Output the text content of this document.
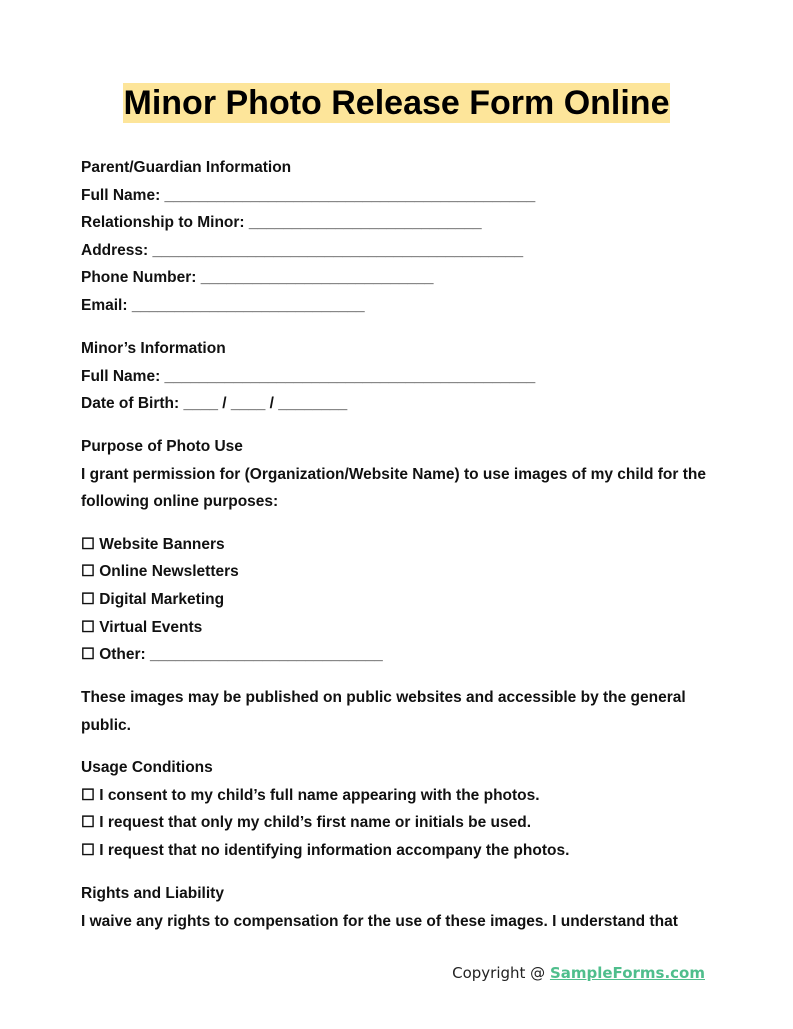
Minor Photo Release Form Online
Parent/Guardian Information
Full Name: ___________________________________________
Relationship to Minor: ___________________________
Address: ___________________________________________
Phone Number: ___________________________
Email: ___________________________
Minor’s Information
Full Name: ___________________________________________
Date of Birth: ____ / ____ / ________
Purpose of Photo Use
I grant permission for (Organization/Website Name) to use images of my child for the following online purposes:
☐ Website Banners
☐ Online Newsletters
☐ Digital Marketing
☐ Virtual Events
☐ Other: ___________________________
These images may be published on public websites and accessible by the general public.
Usage Conditions
☐ I consent to my child’s full name appearing with the photos.
☐ I request that only my child’s first name or initials be used.
☐ I request that no identifying information accompany the photos.
Rights and Liability
I waive any rights to compensation for the use of these images. I understand that
Copyright @ SampleForms.com
